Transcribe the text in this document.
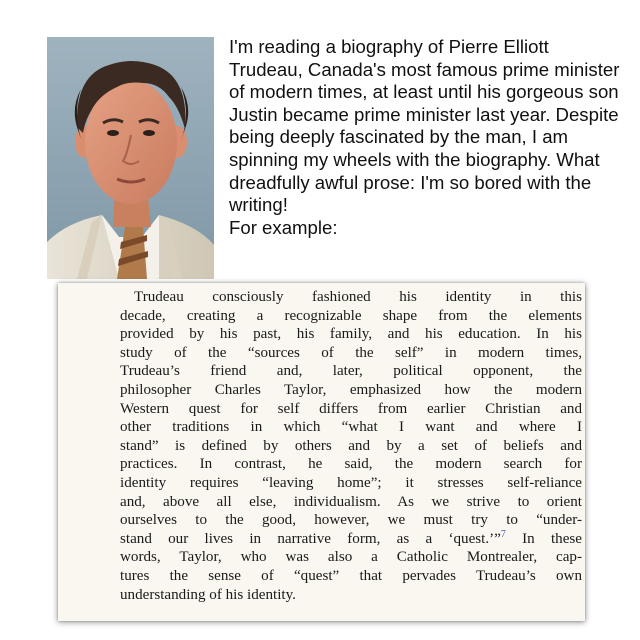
I'm reading a biography of Pierre Elliott Trudeau, Canada's most famous prime minister of modern times, at least until his gorgeous son Justin became prime minister last year. Despite being deeply fascinated by the man, I am spinning my wheels with the biography. What dreadfully awful prose: I'm so bored with the writing!

For example:

Trudeau consciously fashioned his identity in this
decade, creating a recognizable shape from the elements
provided by his past, his family, and his education. In his
study of the “sources of the self” in modern times,
Trudeau’s friend and, later, political opponent, the
philosopher Charles Taylor, emphasized how the modern
Western quest for self differs from earlier Christian and
other traditions in which “what I want and where I
stand” is defined by others and by a set of beliefs and
practices. In contrast, he said, the modern search for
identity requires “leaving home”; it stresses self-reliance
and, above all else, individualism. As we strive to orient
ourselves to the good, however, we must try to “under-
stand our lives in narrative form, as a ‘quest.’”$^7$ In these
words, Taylor, who was also a Catholic Montrealer, cap-
tures the sense of “quest” that pervades Trudeau’s own
understanding of his identity.
